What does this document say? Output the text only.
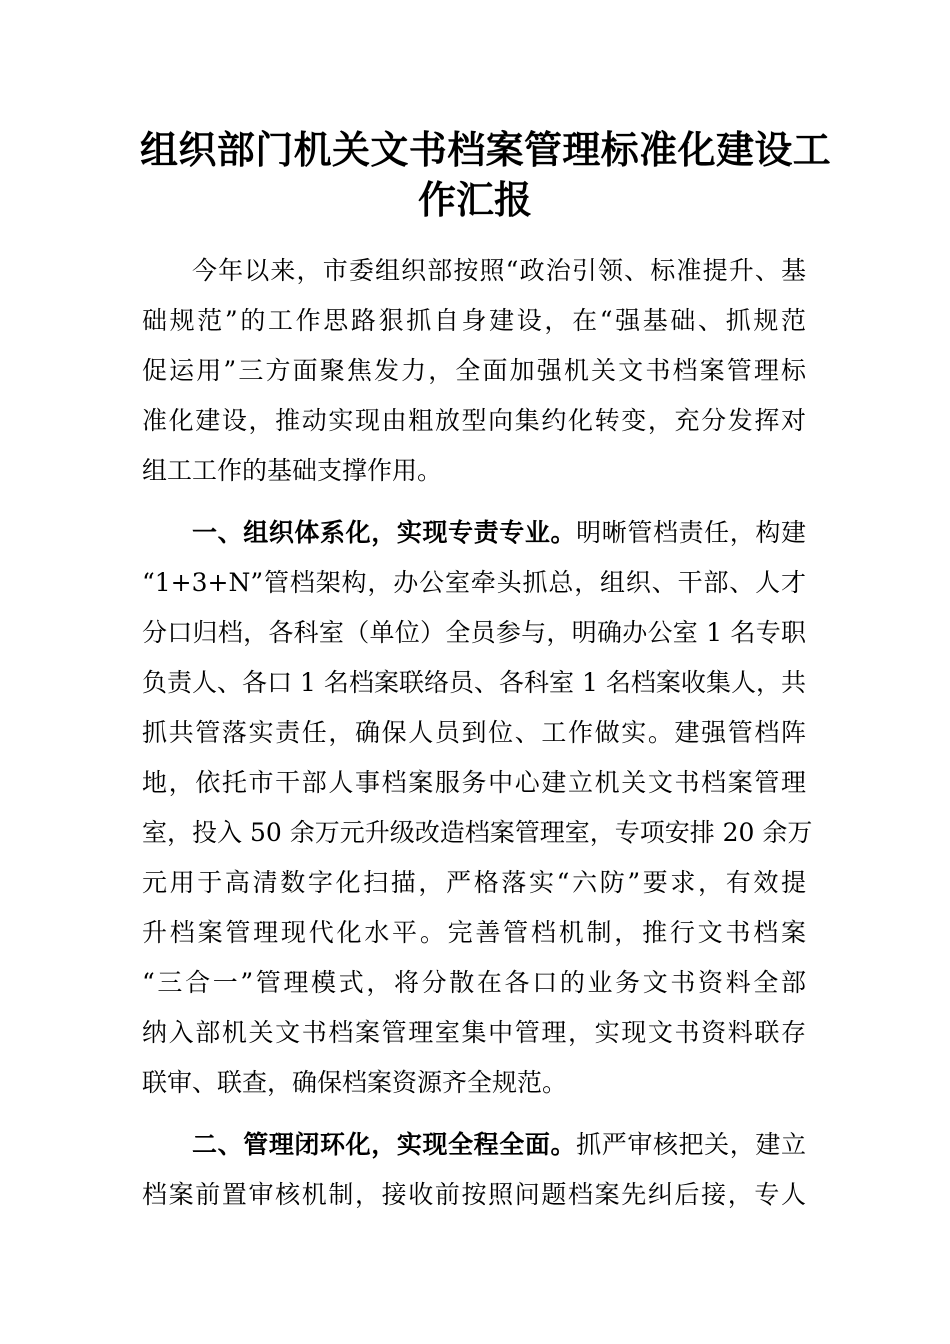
组织部门机关文书档案管理标准化建设工
作汇报

今年以来，市委组织部按照“政治引领、标准提升、基

础规范”的工作思路狠抓自身建设，在“强基础、抓规范

促运用”三方面聚焦发力，全面加强机关文书档案管理标

准化建设，推动实现由粗放型向集约化转变，充分发挥对

组工工作的基础支撑作用。

一、组织体系化，实现专责专业。明晰管档责任，构建

“1+3+N”管档架构，办公室牵头抓总，组织、干部、人才

分口归档，各科室（单位）全员参与，明确办公室 1 名专职

负责人、各口 1 名档案联络员、各科室 1 名档案收集人，共

抓共管落实责任，确保人员到位、工作做实。建强管档阵

地，依托市干部人事档案服务中心建立机关文书档案管理

室，投入 50 余万元升级改造档案管理室，专项安排 20 余万

元用于高清数字化扫描，严格落实“六防”要求，有效提

升档案管理现代化水平。完善管档机制，推行文书档案

“三合一”管理模式，将分散在各口的业务文书资料全部

纳入部机关文书档案管理室集中管理，实现文书资料联存

联审、联查，确保档案资源齐全规范。

二、管理闭环化，实现全程全面。抓严审核把关，建立

档案前置审核机制，接收前按照问题档案先纠后接，专人
